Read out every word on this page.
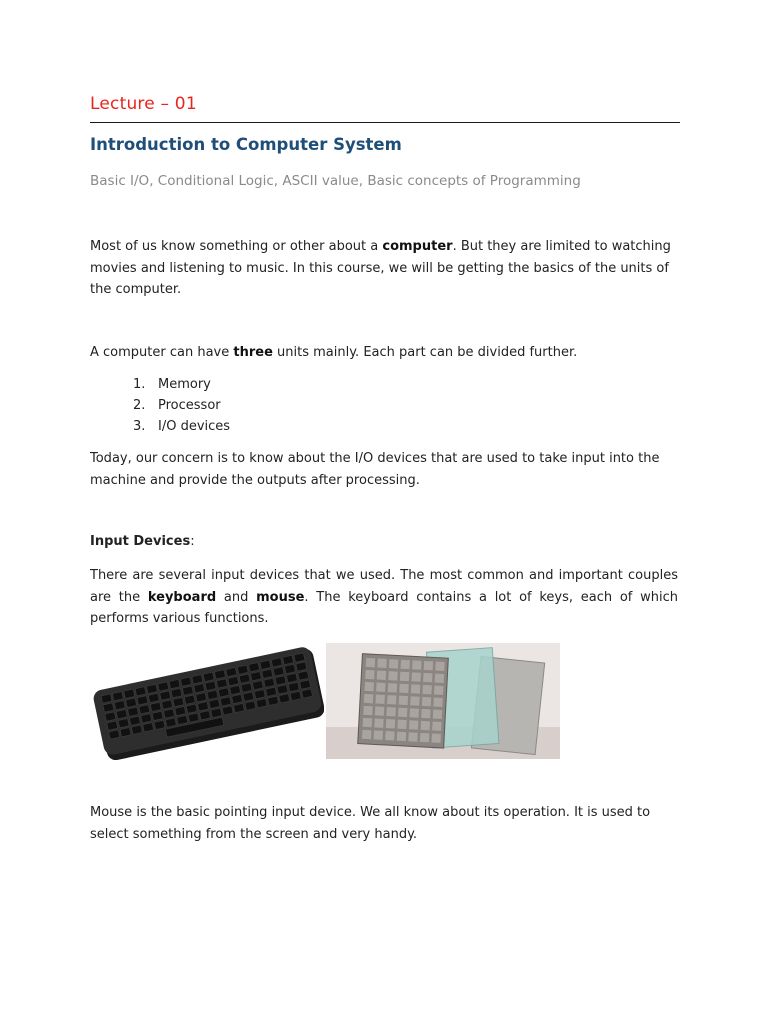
Lecture – 01
Introduction to Computer System
Basic I/O, Conditional Logic, ASCII value, Basic concepts of Programming
Most of us know something or other about a computer. But they are limited to watching movies and listening to music. In this course, we will be getting the basics of the units of the computer.
A computer can have three units mainly. Each part can be divided further.
1. Memory
2. Processor
3. I/O devices
Today, our concern is to know about the I/O devices that are used to take input into the machine and provide the outputs after processing.
Input Devices:
There are several input devices that we used. The most common and important couples are the keyboard and mouse. The keyboard contains a lot of keys, each of which performs various functions.
Mouse is the basic pointing input device. We all know about its operation. It is used to select something from the screen and very handy.
